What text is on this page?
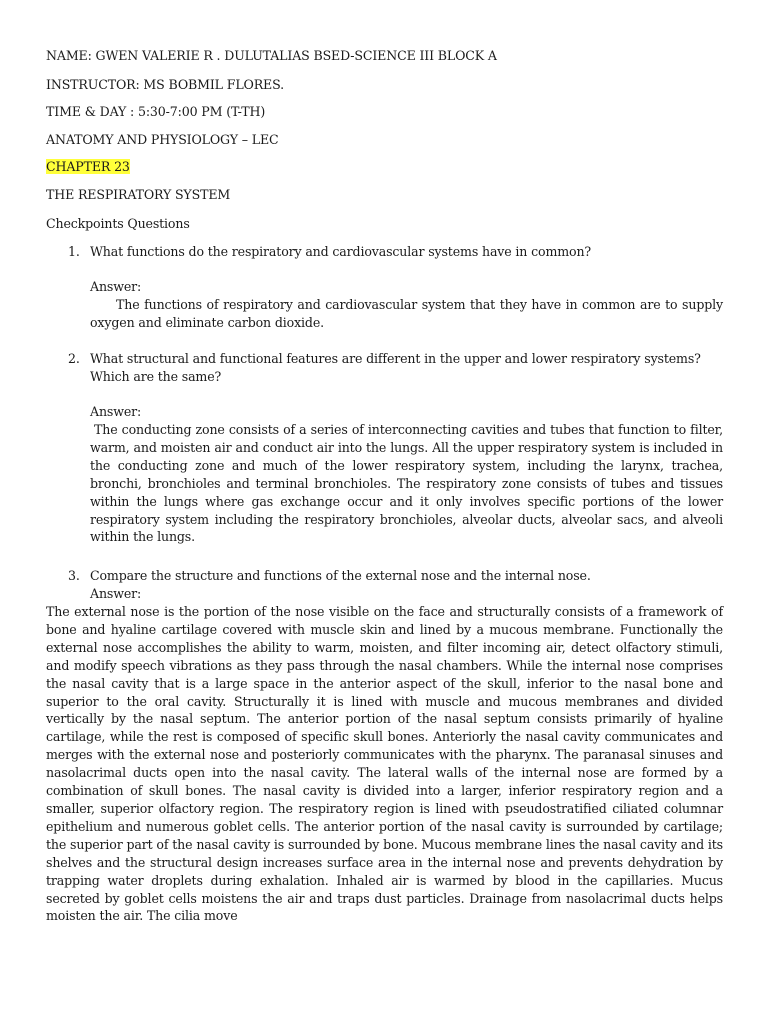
NAME: GWEN VALERIE R . DULUTALIAS BSED-SCIENCE III BLOCK A
INSTRUCTOR: MS BOBMIL FLORES.
TIME & DAY : 5:30-7:00 PM (T-TH)
ANATOMY AND PHYSIOLOGY – LEC
CHAPTER 23
THE RESPIRATORY SYSTEM
Checkpoints Questions
1. What functions do the respiratory and cardiovascular systems have in common?
Answer:
The functions of respiratory and cardiovascular system that they have in common are to supply oxygen and eliminate carbon dioxide.
2. What structural and functional features are different in the upper and lower respiratory systems? Which are the same?
Answer:
The conducting zone consists of a series of interconnecting cavities and tubes that function to filter, warm, and moisten air and conduct air into the lungs. All the upper respiratory system is included in the conducting zone and much of the lower respiratory system, including the larynx, trachea, bronchi, bronchioles and terminal bronchioles. The respiratory zone consists of tubes and tissues within the lungs where gas exchange occur and it only involves specific portions of the lower respiratory system including the respiratory bronchioles, alveolar ducts, alveolar sacs, and alveoli within the lungs.
3. Compare the structure and functions of the external nose and the internal nose.
Answer:
The external nose is the portion of the nose visible on the face and structurally consists of a framework of bone and hyaline cartilage covered with muscle skin and lined by a mucous membrane. Functionally the external nose accomplishes the ability to warm, moisten, and filter incoming air, detect olfactory stimuli, and modify speech vibrations as they pass through the nasal chambers. While the internal nose comprises the nasal cavity that is a large space in the anterior aspect of the skull, inferior to the nasal bone and superior to the oral cavity. Structurally it is lined with muscle and mucous membranes and divided vertically by the nasal septum. The anterior portion of the nasal septum consists primarily of hyaline cartilage, while the rest is composed of specific skull bones. Anteriorly the nasal cavity communicates and merges with the external nose and posteriorly communicates with the pharynx. The paranasal sinuses and nasolacrimal ducts open into the nasal cavity. The lateral walls of the internal nose are formed by a combination of skull bones. The nasal cavity is divided into a larger, inferior respiratory region and a smaller, superior olfactory region. The respiratory region is lined with pseudostratified ciliated columnar epithelium and numerous goblet cells. The anterior portion of the nasal cavity is surrounded by cartilage; the superior part of the nasal cavity is surrounded by bone. Mucous membrane lines the nasal cavity and its shelves and the structural design increases surface area in the internal nose and prevents dehydration by trapping water droplets during exhalation. Inhaled air is warmed by blood in the capillaries. Mucus secreted by goblet cells moistens the air and traps dust particles. Drainage from nasolacrimal ducts helps moisten the air. The cilia move
